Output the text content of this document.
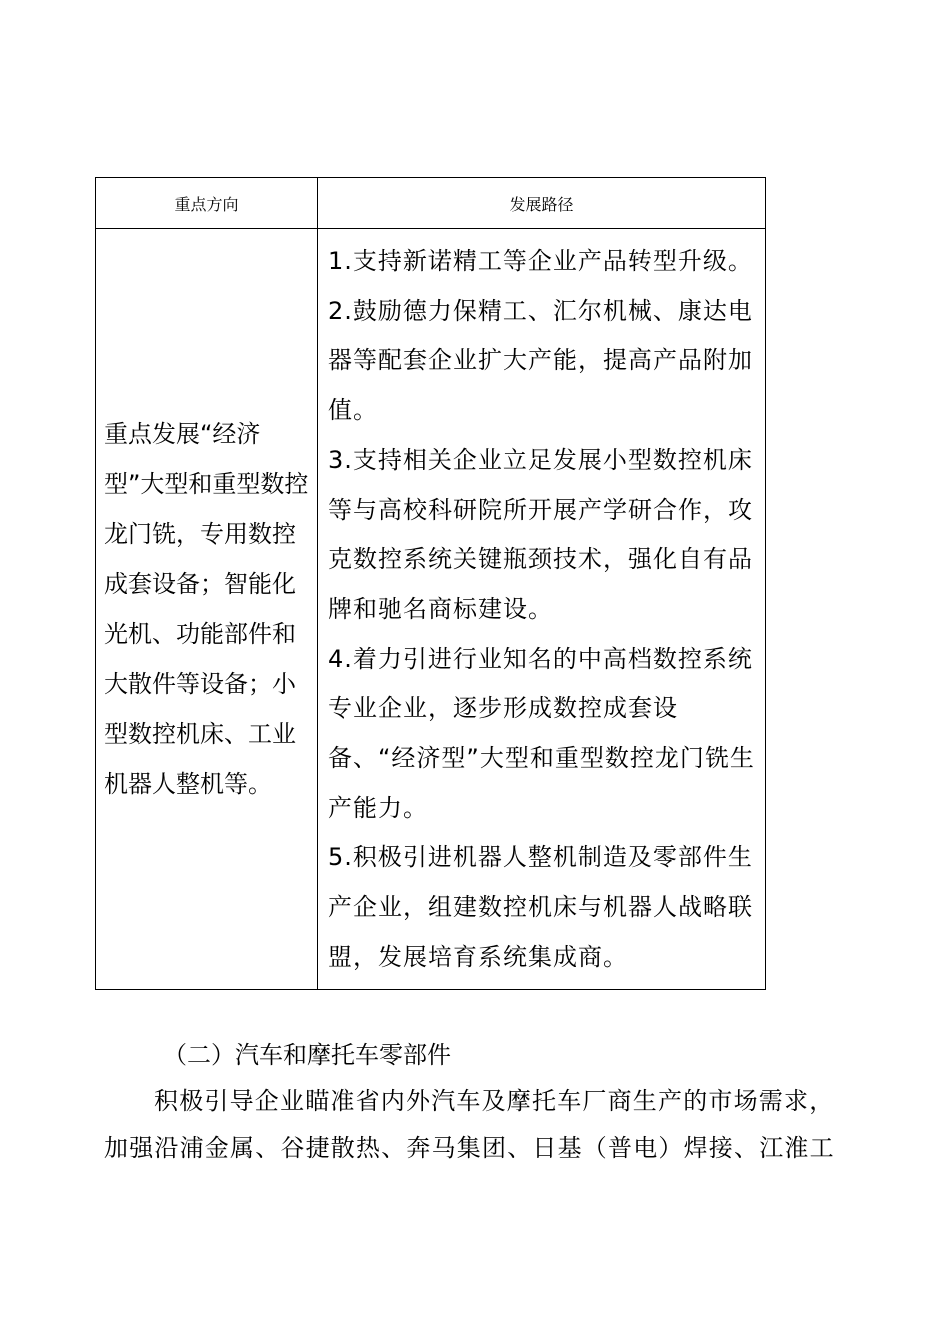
重点方向	发展路径
重点发展“经济型”大型和重型数控龙门铣，专用数控成套设备；智能化光机、功能部件和大散件等设备；小型数控机床、工业机器人整机等。	1.支持新诺精工等企业产品转型升级。

2.鼓励德力保精工、汇尔机械、康达电器等配套企业扩大产能，提高产品附加值。

3.支持相关企业立足发展小型数控机床等与高校科研院所开展产学研合作，攻克数控系统关键瓶颈技术，强化自有品牌和驰名商标建设。

4.着力引进行业知名的中高档数控系统专业企业，逐步形成数控成套设备、“经济型”大型和重型数控龙门铣生产能力。

5.积极引进机器人整机制造及零部件生产企业，组建数控机床与机器人战略联盟，发展培育系统集成商。

（二）汽车和摩托车零部件
积极引导企业瞄准省内外汽车及摩托车厂商生产的市场需求，加强沿浦金属、谷捷散热、奔马集团、日基（普电）焊接、江淮工
